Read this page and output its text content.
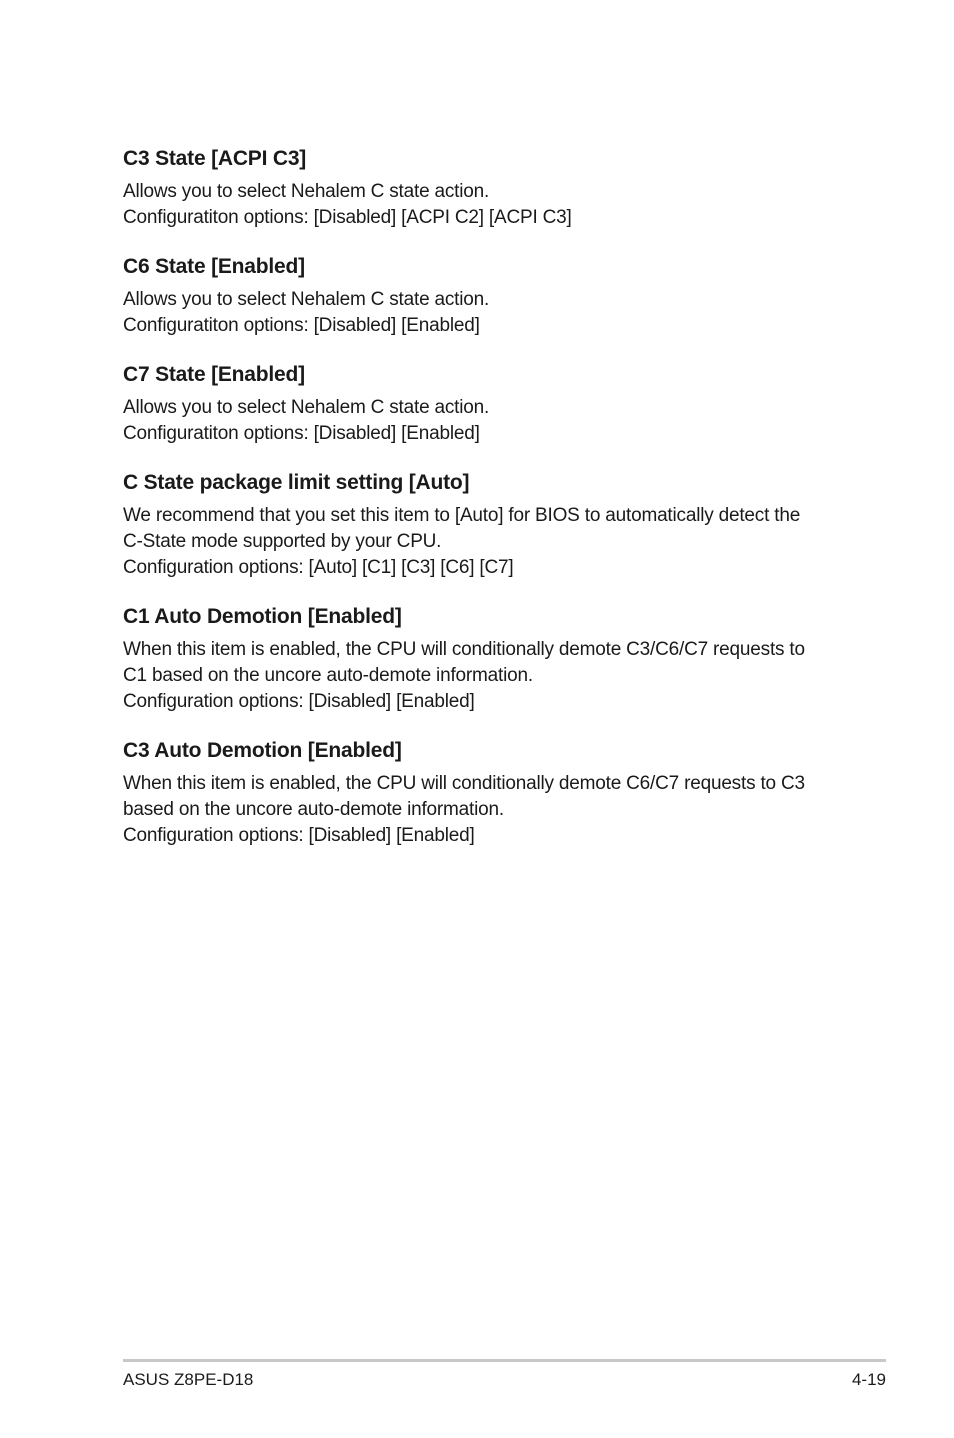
C3 State [ACPI C3]

Allows you to select Nehalem C state action.

Configuratiton options: [Disabled] [ACPI C2] [ACPI C3]

C6 State [Enabled]

Allows you to select Nehalem C state action.

Configuratiton options: [Disabled] [Enabled]

C7 State [Enabled]

Allows you to select Nehalem C state action.

Configuratiton options: [Disabled] [Enabled]

C State package limit setting [Auto]

We recommend that you set this item to [Auto] for BIOS to automatically detect the

C-State mode supported by your CPU.

Configuration options: [Auto] [C1] [C3] [C6] [C7]

C1 Auto Demotion [Enabled]

When this item is enabled, the CPU will conditionally demote C3/C6/C7 requests to

C1 based on the uncore auto-demote information.

Configuration options: [Disabled] [Enabled]

C3 Auto Demotion [Enabled]

When this item is enabled, the CPU will conditionally demote C6/C7 requests to C3

based on the uncore auto-demote information.

Configuration options: [Disabled] [Enabled]

ASUS Z8PE-D18	4-19
